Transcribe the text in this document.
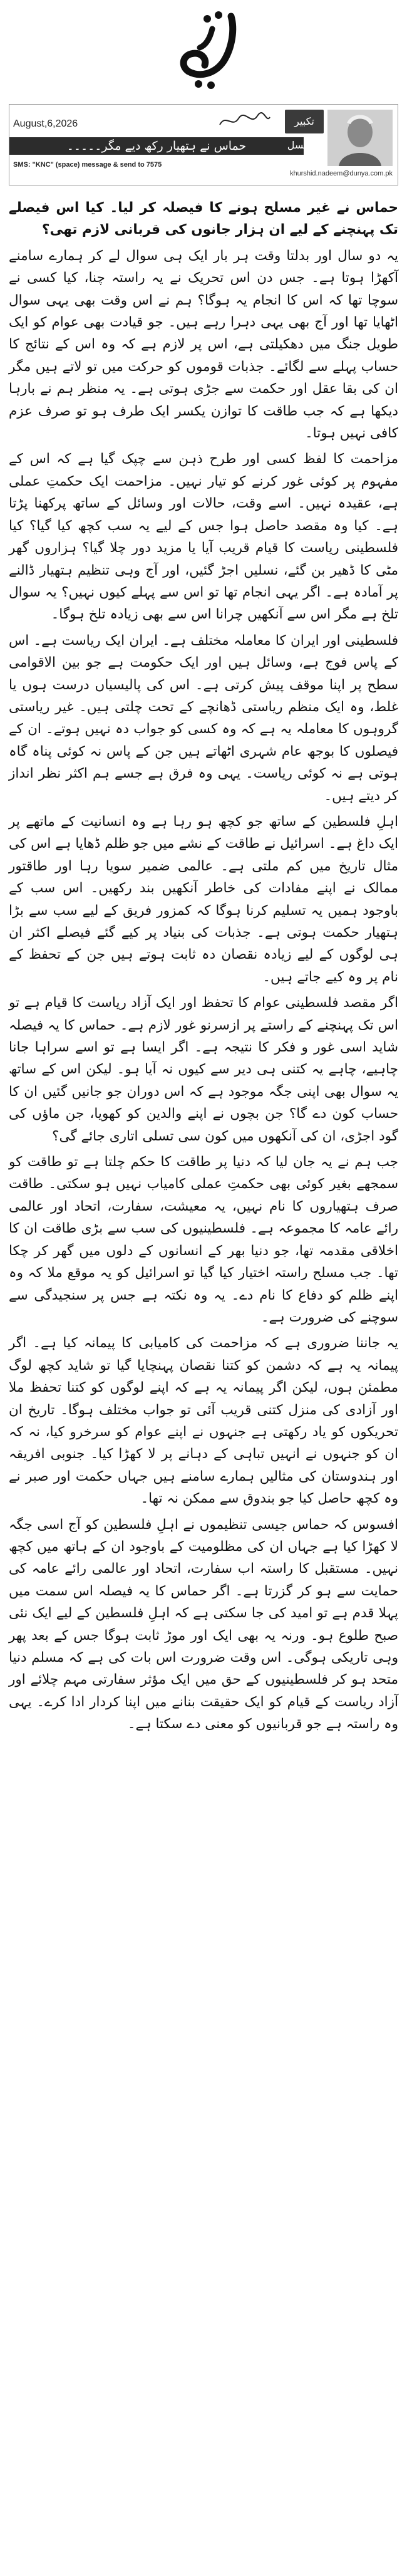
August,6,2026
حماس نے ہتھیار رکھ دیے مگر۔۔۔۔۔
SMS: "KNC" (space) message & send to 7575
khurshid.nadeem@dunya.com.pk
تکبیر مسلسل

حماس نے غیر مسلح ہونے کا فیصلہ کر لیا۔ کیا اس فیصلے تک پہنچنے کے لیے ان ہزار جانوں کی قربانی لازم تھی؟

یہ دو سال اور بدلتا وقت ہر بار ایک ہی سوال لے کر ہمارے سامنے آکھڑا ہوتا ہے۔ جس دن اس تحریک نے یہ راستہ چنا، کیا کسی نے سوچا تھا کہ اس کا انجام یہ ہوگا؟ ہم نے اس وقت بھی یہی سوال اٹھایا تھا اور آج بھی یہی دہرا رہے ہیں۔ جو قیادت بھی عوام کو ایک طویل جنگ میں دھکیلتی ہے، اس پر لازم ہے کہ وہ اس کے نتائج کا حساب پہلے سے لگائے۔ جذبات قوموں کو حرکت میں تو لاتے ہیں مگر ان کی بقا عقل اور حکمت سے جڑی ہوتی ہے۔ یہ منظر ہم نے بارہا دیکھا ہے کہ جب طاقت کا توازن یکسر ایک طرف ہو تو صرف عزم کافی نہیں ہوتا۔

مزاحمت کا لفظ کسی اور طرح ذہن سے چپک گیا ہے کہ اس کے مفہوم پر کوئی غور کرنے کو تیار نہیں۔ مزاحمت ایک حکمتِ عملی ہے، عقیدہ نہیں۔ اسے وقت، حالات اور وسائل کے ساتھ پرکھنا پڑتا ہے۔ کیا وہ مقصد حاصل ہوا جس کے لیے یہ سب کچھ کیا گیا؟ کیا فلسطینی ریاست کا قیام قریب آیا یا مزید دور چلا گیا؟ ہزاروں گھر مٹی کا ڈھیر بن گئے، نسلیں اجڑ گئیں، اور آج وہی تنظیم ہتھیار ڈالنے پر آمادہ ہے۔ اگر یہی انجام تھا تو اس سے پہلے کیوں نہیں؟ یہ سوال تلخ ہے مگر اس سے آنکھیں چرانا اس سے بھی زیادہ تلخ ہوگا۔

فلسطینی اور ایران کا معاملہ مختلف ہے۔ ایران ایک ریاست ہے۔ اس کے پاس فوج ہے، وسائل ہیں اور ایک حکومت ہے جو بین الاقوامی سطح پر اپنا موقف پیش کرتی ہے۔ اس کی پالیسیاں درست ہوں یا غلط، وہ ایک منظم ریاستی ڈھانچے کے تحت چلتی ہیں۔ غیر ریاستی گروہوں کا معاملہ یہ ہے کہ وہ کسی کو جواب دہ نہیں ہوتے۔ ان کے فیصلوں کا بوجھ عام شہری اٹھاتے ہیں جن کے پاس نہ کوئی پناہ گاہ ہوتی ہے نہ کوئی ریاست۔ یہی وہ فرق ہے جسے ہم اکثر نظر انداز کر دیتے ہیں۔

اہلِ فلسطین کے ساتھ جو کچھ ہو رہا ہے وہ انسانیت کے ماتھے پر ایک داغ ہے۔ اسرائیل نے طاقت کے نشے میں جو ظلم ڈھایا ہے اس کی مثال تاریخ میں کم ملتی ہے۔ عالمی ضمیر سویا رہا اور طاقتور ممالک نے اپنے مفادات کی خاطر آنکھیں بند رکھیں۔ اس سب کے باوجود ہمیں یہ تسلیم کرنا ہوگا کہ کمزور فریق کے لیے سب سے بڑا ہتھیار حکمت ہوتی ہے۔ جذبات کی بنیاد پر کیے گئے فیصلے اکثر ان ہی لوگوں کے لیے زیادہ نقصان دہ ثابت ہوتے ہیں جن کے تحفظ کے نام پر وہ کیے جاتے ہیں۔

اگر مقصد فلسطینی عوام کا تحفظ اور ایک آزاد ریاست کا قیام ہے تو اس تک پہنچنے کے راستے پر ازسرنو غور لازم ہے۔ حماس کا یہ فیصلہ شاید اسی غور و فکر کا نتیجہ ہے۔ اگر ایسا ہے تو اسے سراہا جانا چاہیے، چاہے یہ کتنی ہی دیر سے کیوں نہ آیا ہو۔ لیکن اس کے ساتھ یہ سوال بھی اپنی جگہ موجود ہے کہ اس دوران جو جانیں گئیں ان کا حساب کون دے گا؟ جن بچوں نے اپنے والدین کو کھویا، جن ماؤں کی گود اجڑی، ان کی آنکھوں میں کون سی تسلی اتاری جائے گی؟

جب ہم نے یہ جان لیا کہ دنیا پر طاقت کا حکم چلتا ہے تو طاقت کو سمجھے بغیر کوئی بھی حکمتِ عملی کامیاب نہیں ہو سکتی۔ طاقت صرف ہتھیاروں کا نام نہیں، یہ معیشت، سفارت، اتحاد اور عالمی رائے عامہ کا مجموعہ ہے۔ فلسطینیوں کی سب سے بڑی طاقت ان کا اخلاقی مقدمہ تھا، جو دنیا بھر کے انسانوں کے دلوں میں گھر کر چکا تھا۔ جب مسلح راستہ اختیار کیا گیا تو اسرائیل کو یہ موقع ملا کہ وہ اپنے ظلم کو دفاع کا نام دے۔ یہ وہ نکتہ ہے جس پر سنجیدگی سے سوچنے کی ضرورت ہے۔

یہ جاننا ضروری ہے کہ مزاحمت کی کامیابی کا پیمانہ کیا ہے۔ اگر پیمانہ یہ ہے کہ دشمن کو کتنا نقصان پہنچایا گیا تو شاید کچھ لوگ مطمئن ہوں، لیکن اگر پیمانہ یہ ہے کہ اپنے لوگوں کو کتنا تحفظ ملا اور آزادی کی منزل کتنی قریب آئی تو جواب مختلف ہوگا۔ تاریخ ان تحریکوں کو یاد رکھتی ہے جنہوں نے اپنے عوام کو سرخرو کیا، نہ کہ ان کو جنہوں نے انہیں تباہی کے دہانے پر لا کھڑا کیا۔ جنوبی افریقہ اور ہندوستان کی مثالیں ہمارے سامنے ہیں جہاں حکمت اور صبر نے وہ کچھ حاصل کیا جو بندوق سے ممکن نہ تھا۔

افسوس کہ حماس جیسی تنظیموں نے اہلِ فلسطین کو آج اسی جگہ لا کھڑا کیا ہے جہاں ان کی مظلومیت کے باوجود ان کے ہاتھ میں کچھ نہیں۔ مستقبل کا راستہ اب سفارت، اتحاد اور عالمی رائے عامہ کی حمایت سے ہو کر گزرتا ہے۔ اگر حماس کا یہ فیصلہ اس سمت میں پہلا قدم ہے تو امید کی جا سکتی ہے کہ اہلِ فلسطین کے لیے ایک نئی صبح طلوع ہو۔ ورنہ یہ بھی ایک اور موڑ ثابت ہوگا جس کے بعد پھر وہی تاریکی ہوگی۔ اس وقت ضرورت اس بات کی ہے کہ مسلم دنیا متحد ہو کر فلسطینیوں کے حق میں ایک مؤثر سفارتی مہم چلائے اور آزاد ریاست کے قیام کو ایک حقیقت بنانے میں اپنا کردار ادا کرے۔ یہی وہ راستہ ہے جو قربانیوں کو معنی دے سکتا ہے۔
